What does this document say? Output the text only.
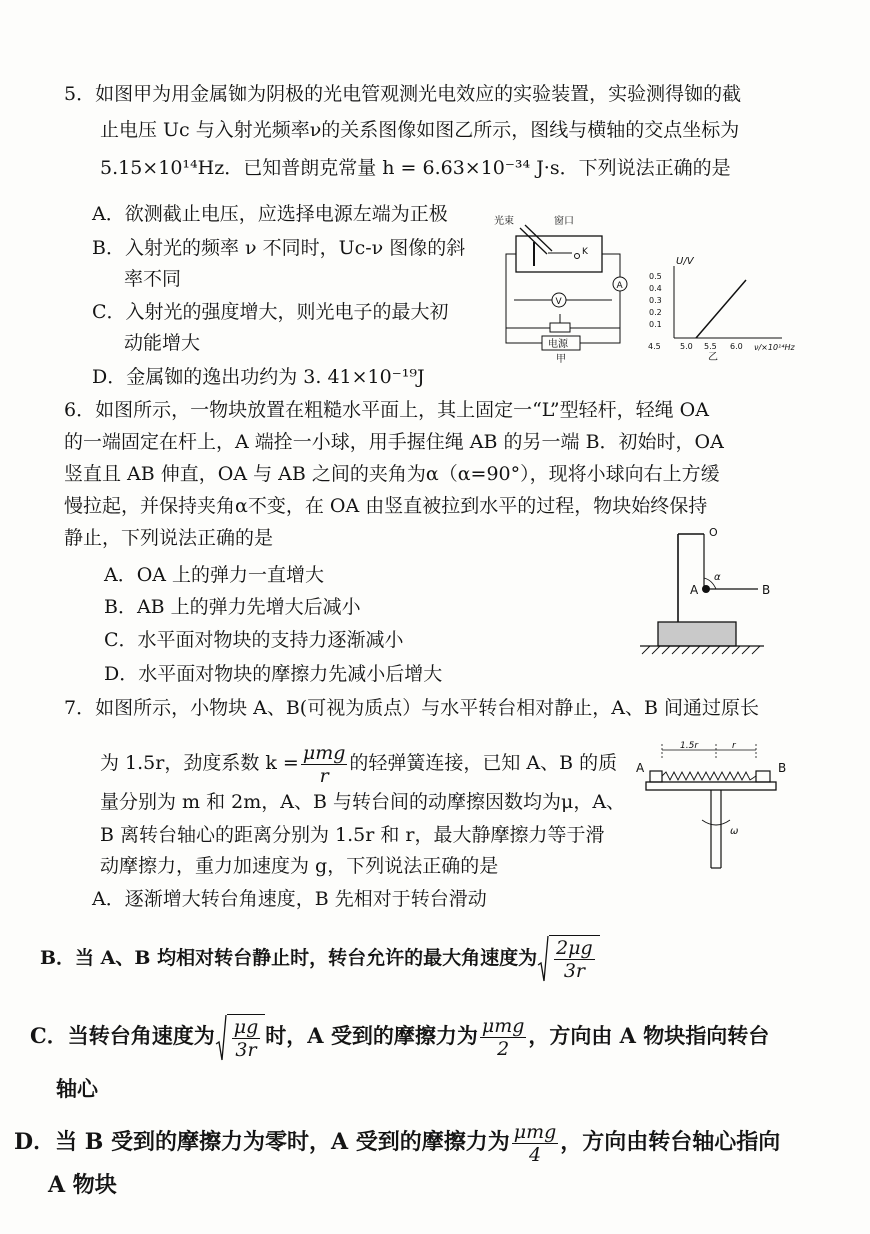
5．如图甲为用金属铷为阴极的光电管观测光电效应的实验装置，实验测得铷的截
止电压 Uc 与入射光频率ν的关系图像如图乙所示，图线与横轴的交点坐标为
5.15×10¹⁴Hz．已知普朗克常量 h = 6.63×10⁻³⁴ J·s．下列说法正确的是
A．欲测截止电压，应选择电源左端为正极
B．入射光的频率 ν 不同时，Uc-ν 图像的斜
率不同
C．入射光的强度增大，则光电子的最大初
动能增大
D．金属铷的逸出功约为 3. 41×10⁻¹⁹J
光束	窗口
K
A
V
电源
甲
U/V
0.5
0.4
0.3
0.2
0.1
4.5 5.0 5.5 6.0 ν/×10¹⁴Hz
乙
6．如图所示，一物块放置在粗糙水平面上，其上固定一“L”型轻杆，轻绳 OA
的一端固定在杆上，A 端拴一小球，用手握住绳 AB 的另一端 B．初始时，OA
竖直且 AB 伸直，OA 与 AB 之间的夹角为α（α=90°），现将小球向右上方缓
慢拉起，并保持夹角α不变，在 OA 由竖直被拉到水平的过程，物块始终保持
静止，下列说法正确的是
A．OA 上的弹力一直增大
B．AB 上的弹力先增大后减小
C．水平面对物块的支持力逐渐减小
D．水平面对物块的摩擦力先减小后增大
O
A	B
α
7．如图所示，小物块 A、B(可视为质点）与水平转台相对静止，A、B 间通过原长
为 1.5r，劲度系数 $k = \frac{\text{μmg}}{r}$ 的轻弹簧连接，已知 A、B 的质
量分别为 m 和 2m，A、B 与转台间的动摩擦因数均为μ，A、
B 离转台轴心的距离分别为 1.5r 和 r，最大静摩擦力等于滑
动摩擦力，重力加速度为 g，下列说法正确的是
A．逐渐增大转台角速度，B 先相对于转台滑动
1.5r	r
A	B
ω
B．当 A、B 均相对转台静止时，转台允许的最大角速度为 $\frac{2\mu g}{3r}$
C．当转台角速度为 $\frac{\mu g}{3r}$ 时，A 受到的摩擦力为 $\frac{\text{μmg}}{2}$ ，方向由 A 物块指向转台
轴心
D．当 B 受到的摩擦力为零时，A 受到的摩擦力为 $\frac{\text{μmg}}{4}$ ，方向由转台轴心指向
A 物块
